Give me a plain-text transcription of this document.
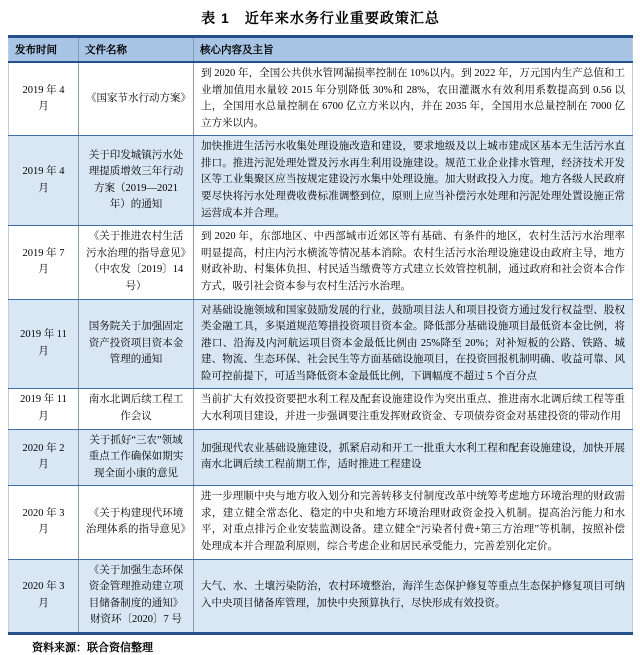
表 1　近年来水务行业重要政策汇总
发布时间	文件名称	核心内容及主旨
2019 年 4 月	《国家节水行动方案》	到 2020 年，全国公共供水管网漏损率控制在 10%以内。到 2022 年，万元国内生产总值和工业增加值用水量较 2015 年分别降低 30%和 28%，农田灌溉水有效利用系数提高到 0.56 以上，全国用水总量控制在 6700 亿立方米以内，并在 2035 年，全国用水总量控制在 7000 亿立方米以内。
2019 年 4 月	关于印发城镇污水处理提质增效三年行动方案（2019—2021 年）的通知	加快推进生活污水收集处理设施改造和建设，要求地级及以上城市建成区基本无生活污水直排口。推进污泥处理处置及污水再生利用设施建设。规范工业企业排水管理，经济技术开发区等工业集聚区应当按规定建设污水集中处理设施。加大财政投入力度。地方各级人民政府要尽快将污水处理费收费标准调整到位，原则上应当补偿污水处理和污泥处理处置设施正常运营成本并合理。
2019 年 7 月	《关于推进农村生活污水治理的指导意见》（中农发〔2019〕14 号）	到 2020 年，东部地区、中西部城市近郊区等有基础、有条件的地区，农村生活污水治理率明显提高，村庄内污水横流等情况基本消除。农村生活污水治理设施建设由政府主导，地方财政补助、村集体负担、村民适当缴费等方式建立长效管控机制，通过政府和社会资本合作方式，吸引社会资本参与农村生活污水治理。
2019 年 11 月	国务院关于加强固定资产投资项目资本金管理的通知	对基础设施领域和国家鼓励发展的行业，鼓励项目法人和项目投资方通过发行权益型、股权类金融工具，多渠道规范筹措投资项目资本金。降低部分基础设施项目最低资本金比例，将港口、沿海及内河航运项目资本金最低比例由 25%降至 20%；对补短板的公路、铁路、城建、物流、生态环保、社会民生等方面基础设施项目，在投资回报机制明确、收益可靠、风险可控前提下，可适当降低资本金最低比例，下调幅度不超过 5 个百分点
2019 年 11 月	南水北调后续工程工作会议	当前扩大有效投资要把水利工程及配套设施建设作为突出重点、推进南水北调后续工程等重大水利项目建设，并进一步强调要注重发挥财政资金、专项债券资金对基建投资的带动作用
2020 年 2 月	关于抓好“三农”领域重点工作确保如期实现全面小康的意见	加强现代农业基础设施建设，抓紧启动和开工一批重大水利工程和配套设施建设，加快开展南水北调后续工程前期工作，适时推进工程建设
2020 年 3 月	《关于构建现代环境治理体系的指导意见》	进一步理顺中央与地方收入划分和完善转移支付制度改革中统筹考虑地方环境治理的财政需求，建立健全常态化、稳定的中央和地方环境治理财政资金投入机制。提高治污能力和水平，对重点排污企业安装监测设备。建立健全“污染者付费+第三方治理”等机制，按照补偿处理成本并合理盈利原则，综合考虑企业和居民承受能力，完善差别化定价。
2020 年 3 月	《关于加强生态环保资金管理推动建立项目储备制度的通知》财资环〔2020〕7 号	大气、水、土壤污染防治，农村环境整治，海洋生态保护修复等重点生态保护修复项目可纳入中央项目储备库管理，加快中央预算执行，尽快形成有效投资。
资料来源：联合资信整理
